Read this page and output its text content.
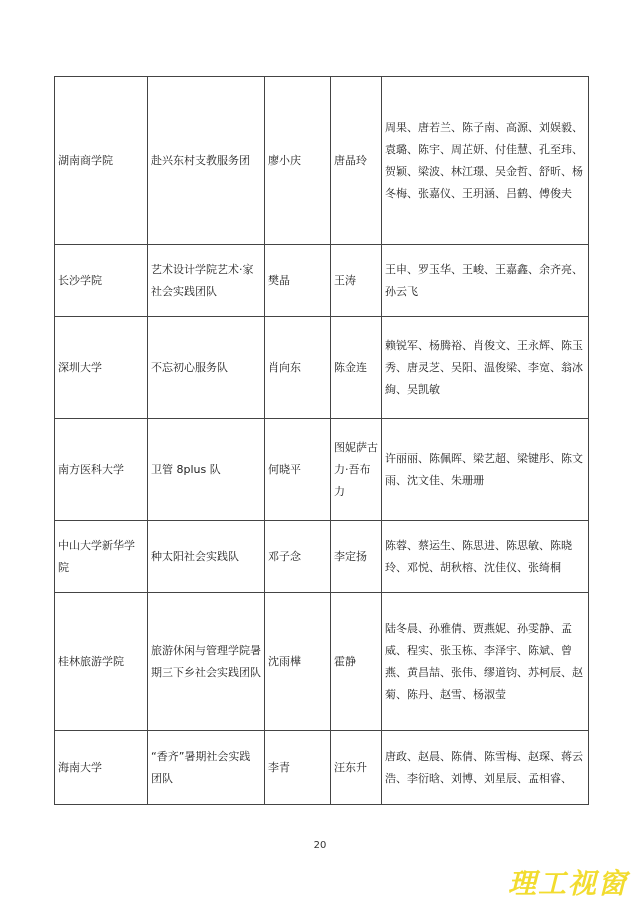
湖南商学院	赴兴东村支教服务团	廖小庆	唐晶玲	周果、唐若兰、陈子南、高源、刘娱毅、袁璐、陈宇、周芷妍、付佳慧、孔至玮、贺颖、梁波、林江璟、吴金哲、舒昕、杨冬梅、张嘉仪、王玥涵、吕鹤、傅俊夫
长沙学院	艺术设计学院艺术·家社会实践团队	樊晶	王涛	王申、罗玉华、王峻、王嘉鑫、余齐亮、孙云飞
深圳大学	不忘初心服务队	肖向东	陈金连	赖锐军、杨腾裕、肖俊文、王永辉、陈玉秀、唐灵芝、吴阳、温俊梁、李宽、翁冰絢、吴凯敏
南方医科大学	卫管 8plus 队	何晓平	图妮萨古力·吾布力	许丽丽、陈佩晖、梁艺超、梁键彤、陈文雨、沈文佳、朱珊珊
中山大学新华学院	种太阳社会实践队	邓子念	李定扬	陈蓉、蔡运生、陈思进、陈思敏、陈晓玲、邓悦、胡秋榕、沈佳仪、张绮桐
桂林旅游学院	旅游休闲与管理学院暑期三下乡社会实践团队	沈雨樺	霍静	陆冬晨、孙雅倩、贾燕妮、孙雯静、孟威、程实、张玉栋、李泽宇、陈斌、曾燕、黄昌喆、张伟、缪道钧、苏柯辰、赵菊、陈丹、赵雪、杨淑莹
海南大学	“香齐”暑期社会实践团队	李青	汪东升	唐政、赵晨、陈倩、陈雪梅、赵琛、蒋云浩、李衍晗、刘博、刘星辰、孟相睿、
20
理工视窗
